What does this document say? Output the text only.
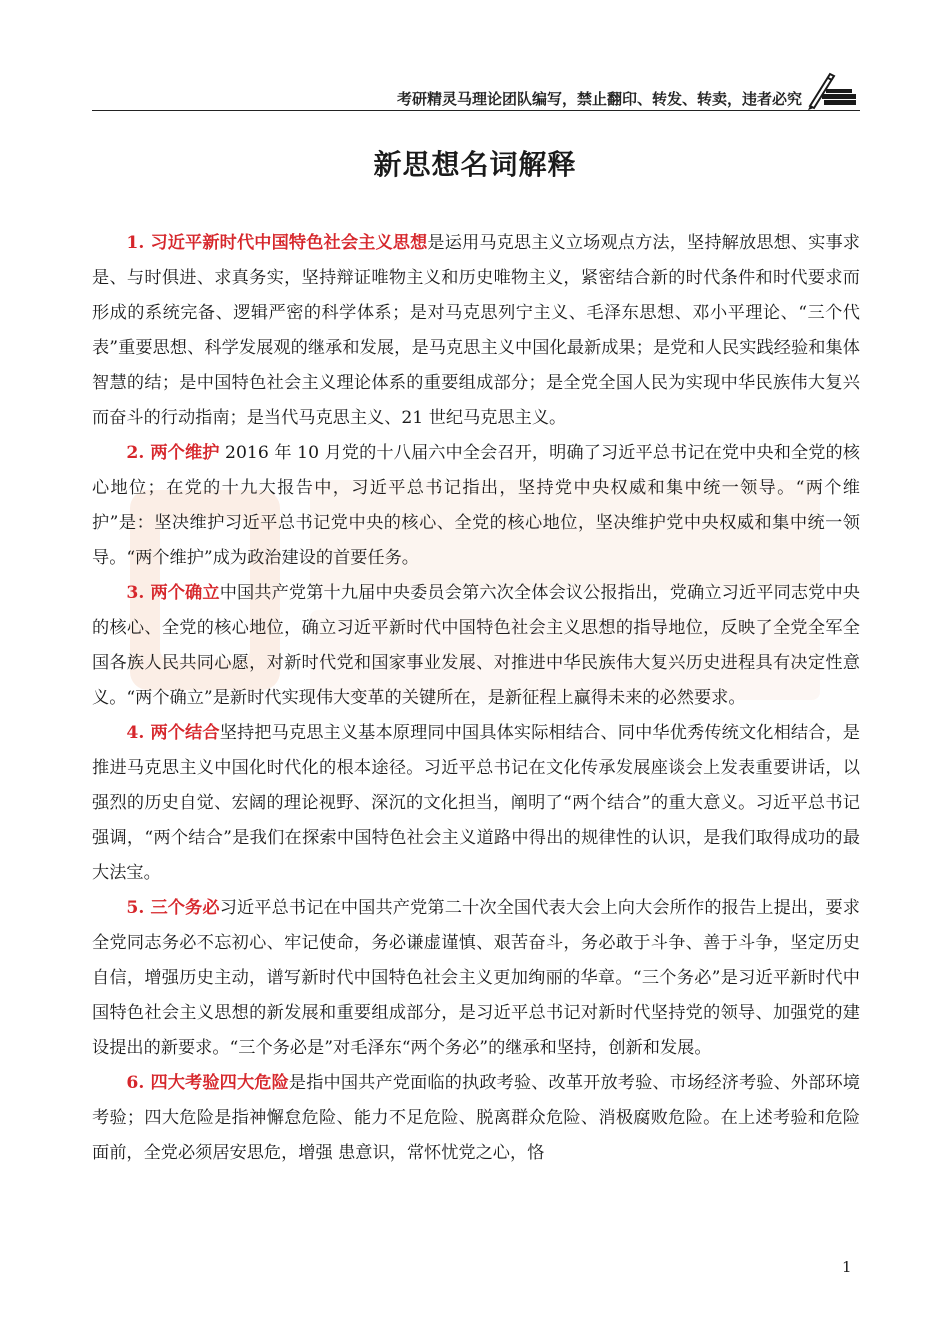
考研精灵马理论团队编写，禁止翻印、转发、转卖，违者必究
新思想名词解释

1. 习近平新时代中国特色社会主义思想是运用马克思主义立场观点方法，坚持解放思想、实事求是、与时俱进、求真务实，坚持辩证唯物主义和历史唯物主义，紧密结合新的时代条件和时代要求而形成的系统完备、逻辑严密的科学体系；是对马克思列宁主义、毛泽东思想、邓小平理论、“三个代表”重要思想、科学发展观的继承和发展，是马克思主义中国化最新成果；是党和人民实践经验和集体智慧的结；是中国特色社会主义理论体系的重要组成部分；是全党全国人民为实现中华民族伟大复兴而奋斗的行动指南；是当代马克思主义、21 世纪马克思主义。

2. 两个维护 2016 年 10 月党的十八届六中全会召开，明确了习近平总书记在党中央和全党的核心地位；在党的十九大报告中，习近平总书记指出，坚持党中央权威和集中统一领导。“两个维护”是：坚决维护习近平总书记党中央的核心、全党的核心地位，坚决维护党中央权威和集中统一领导。“两个维护”成为政治建设的首要任务。

3. 两个确立中国共产党第十九届中央委员会第六次全体会议公报指出，党确立习近平同志党中央的核心、全党的核心地位，确立习近平新时代中国特色社会主义思想的指导地位，反映了全党全军全国各族人民共同心愿，对新时代党和国家事业发展、对推进中华民族伟大复兴历史进程具有决定性意义。“两个确立”是新时代实现伟大变革的关键所在，是新征程上赢得未来的必然要求。

4. 两个结合坚持把马克思主义基本原理同中国具体实际相结合、同中华优秀传统文化相结合，是推进马克思主义中国化时代化的根本途径。习近平总书记在文化传承发展座谈会上发表重要讲话，以强烈的历史自觉、宏阔的理论视野、深沉的文化担当，阐明了“两个结合”的重大意义。习近平总书记强调，“两个结合”是我们在探索中国特色社会主义道路中得出的规律性的认识，是我们取得成功的最大法宝。

5. 三个务必习近平总书记在中国共产党第二十次全国代表大会上向大会所作的报告上提出，要求全党同志务必不忘初心、牢记使命，务必谦虚谨慎、艰苦奋斗，务必敢于斗争、善于斗争，坚定历史自信，增强历史主动，谱写新时代中国特色社会主义更加绚丽的华章。“三个务必”是习近平新时代中国特色社会主义思想的新发展和重要组成部分，是习近平总书记对新时代坚持党的领导、加强党的建设提出的新要求。“三个务必是”对毛泽东“两个务必”的继承和坚持，创新和发展。

6. 四大考验四大危险是指中国共产党面临的执政考验、改革开放考验、市场经济考验、外部环境考验；四大危险是指神懈怠危险、能力不足危险、脱离群众危险、消极腐败危险。在上述考验和危险面前，全党必须居安思危，增强 患意识，常怀忧党之心，恪

1
